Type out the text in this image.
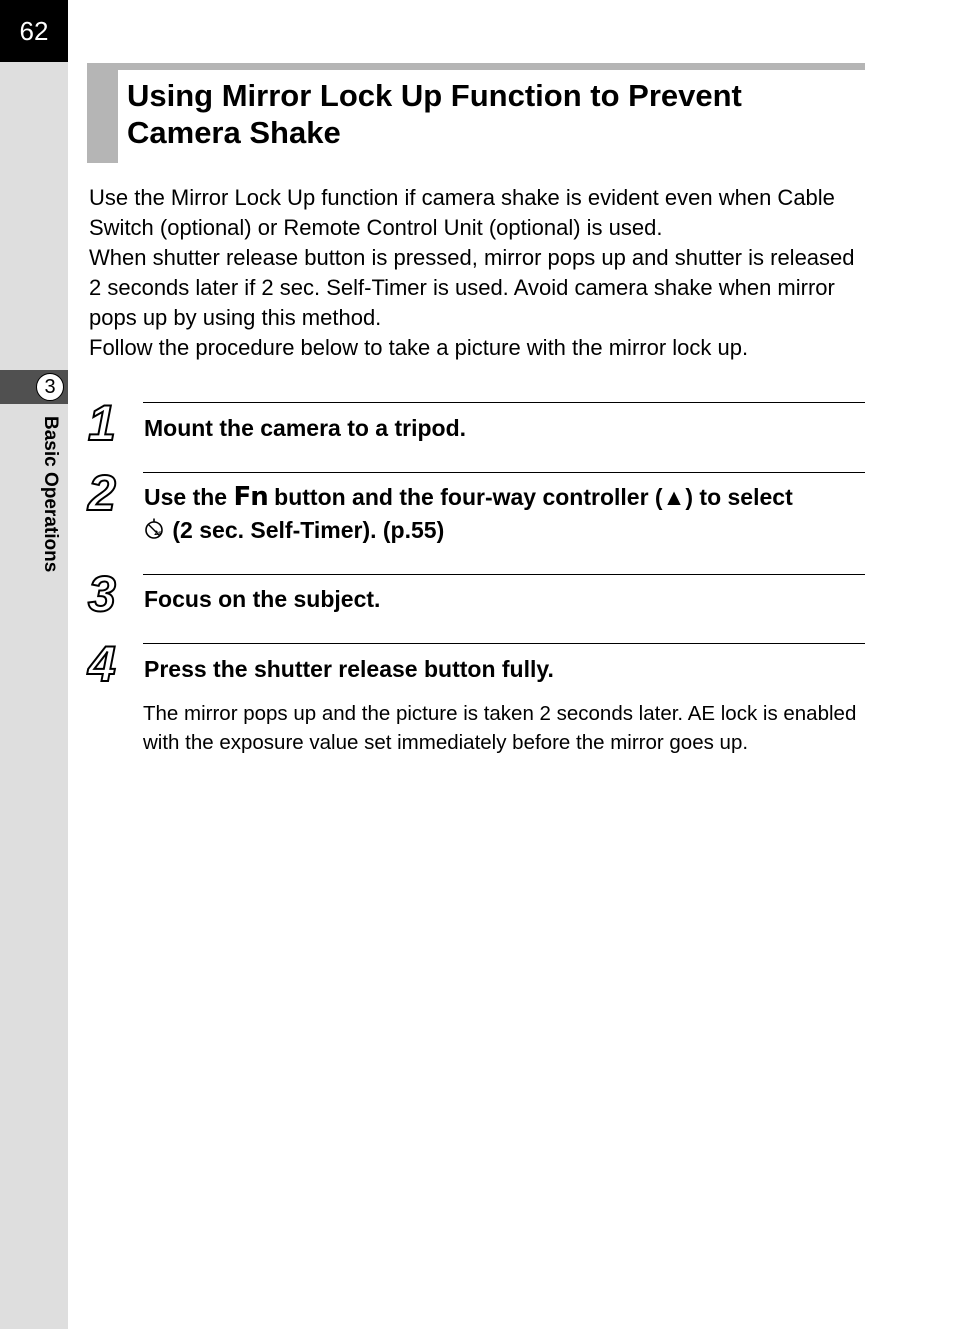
62
3
Basic Operations
Using Mirror Lock Up Function to Prevent
Camera Shake

Use the Mirror Lock Up function if camera shake is evident even when Cable Switch (optional) or Remote Control Unit (optional) is used.

When shutter release button is pressed, mirror pops up and shutter is released 2 seconds later if 2 sec. Self-Timer is used. Avoid camera shake when mirror pops up by using this method.

Follow the procedure below to take a picture with the mirror lock up.

1 Mount the camera to a tripod.

2 Use the Fn button and the four-way controller (▲) to select

2s (2 sec. Self-Timer). (p.55)

3 Focus on the subject.

4 Press the shutter release button fully.

The mirror pops up and the picture is taken 2 seconds later. AE lock is enabled with the exposure value set immediately before the mirror goes up.
